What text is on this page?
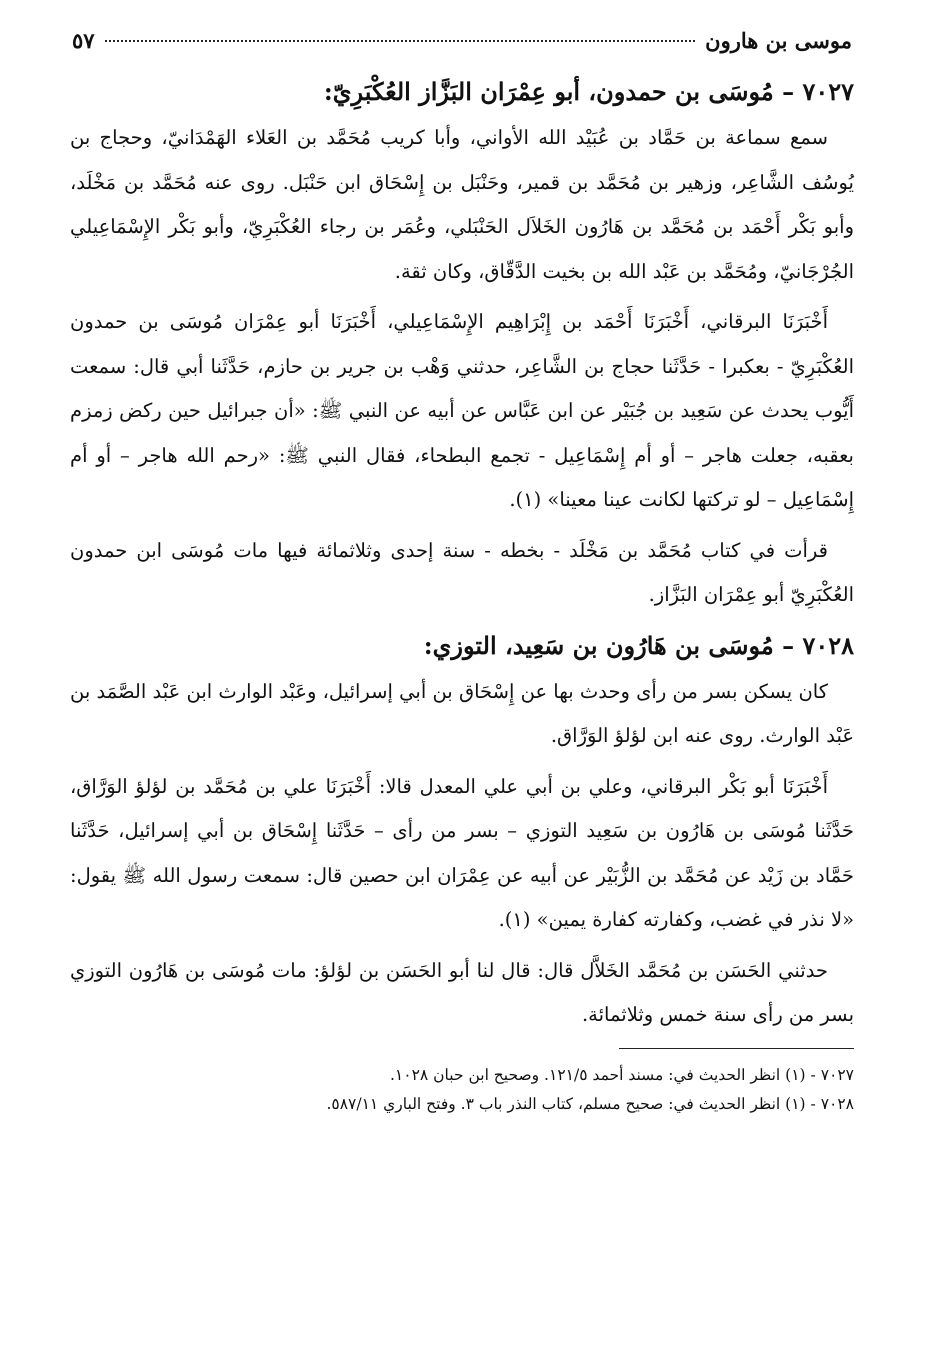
موسى بن هارون
٥٧
٧٠٢٧ – مُوسَى بن حمدون، أبو عِمْرَان البَزَّاز العُكْبَرِيّ:

سمع سماعة بن حَمَّاد بن عُبَيْد الله الأواني، وأبا كريب مُحَمَّد بن العَلاء الهَمْدَانيّ، وحجاج بن يُوسُف الشَّاعِر، وزهير بن مُحَمَّد بن قمير، وحَنْبَل بن إِسْحَاق ابن حَنْبَل. روى عنه مُحَمَّد بن مَخْلَد، وأبو بَكْر أَحْمَد بن مُحَمَّد بن هَارُون الخَلاَل الحَنْبَلي، وعُمَر بن رجاء العُكْبَرِيّ، وأبو بَكْر الإِسْمَاعِيلي الجُرْجَانيّ، ومُحَمَّد بن عَبْد الله بن بخيت الدَّقّاق، وكان ثقة.

أَخْبَرَنَا البرقاني، أَخْبَرَنَا أَحْمَد بن إِبْرَاهِيم الإِسْمَاعِيلي، أَخْبَرَنَا أبو عِمْرَان مُوسَى بن حمدون العُكْبَرِيّ - بعكبرا - حَدَّثَنا حجاج بن الشَّاعِر، حدثني وَهْب بن جرير بن حازم، حَدَّثَنا أبي قال: سمعت أَيُّوب يحدث عن سَعِيد بن جُبَيْر عن ابن عَبَّاس عن أبيه عن النبي ﷺ: «أن جبرائيل حين ركض زمزم بعقبه، جعلت هاجر – أو أم إِسْمَاعِيل - تجمع البطحاء، فقال النبي ﷺ: «رحم الله هاجر – أو أم إِسْمَاعِيل – لو تركتها لكانت عينا معينا» (١).

قرأت في كتاب مُحَمَّد بن مَخْلَد - بخطه - سنة إحدى وثلاثمائة فيها مات مُوسَى ابن حمدون العُكْبَرِيّ أبو عِمْرَان البَزَّاز.

٧٠٢٨ – مُوسَى بن هَارُون بن سَعِيد، التوزي:

كان يسكن بسر من رأى وحدث بها عن إِسْحَاق بن أبي إسرائيل، وعَبْد الوارث ابن عَبْد الصَّمَد بن عَبْد الوارث. روى عنه ابن لؤلؤ الوَرَّاق.

أَخْبَرَنَا أبو بَكْر البرقاني، وعلي بن أبي علي المعدل قالا: أَخْبَرَنَا علي بن مُحَمَّد بن لؤلؤ الوَرَّاق، حَدَّثَنا مُوسَى بن هَارُون بن سَعِيد التوزي – بسر من رأى – حَدَّثَنا إِسْحَاق بن أبي إسرائيل، حَدَّثَنا حَمَّاد بن زَيْد عن مُحَمَّد بن الزُّبَيْر عن أبيه عن عِمْرَان ابن حصين قال: سمعت رسول الله ﷺ يقول: «لا نذر في غضب، وكفارته كفارة يمين» (١).

حدثني الحَسَن بن مُحَمَّد الخَلاَّل قال: قال لنا أبو الحَسَن بن لؤلؤ: مات مُوسَى بن هَارُون التوزي بسر من رأى سنة خمس وثلاثمائة.

٧٠٢٧ - (١) انظر الحديث في: مسند أحمد ١٢١/٥. وصحيح ابن حبان ١٠٢٨.

٧٠٢٨ - (١) انظر الحديث في: صحيح مسلم، كتاب النذر باب ٣. وفتح الباري ٥٨٧/١١.
